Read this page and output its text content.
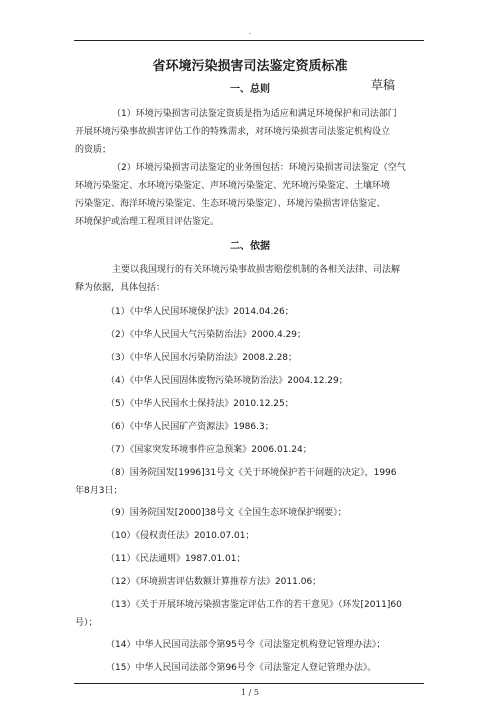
.
省环境污染损害司法鉴定资质标准
草稿
一、总则
（1）环境污染损害司法鉴定资质是指为适应和满足环境保护和司法部门
开展环境污染事故损害评估工作的特殊需求，对环境污染损害司法鉴定机构设立
的资质；
（2）环境污染损害司法鉴定的业务围包括：环境污染损害司法鉴定（空气
环境污染鉴定、水环境污染鉴定、声环境污染鉴定、光环境污染鉴定、土壤环境
污染鉴定、海洋环境污染鉴定、生态环境污染鉴定）、环境污染损害评估鉴定、
环境保护或治理工程项目评估鉴定。
二、依据
主要以我国现行的有关环境污染事故损害赔偿机制的各相关法律、司法解
释为依据，具体包括：
（1）《中华人民国环境保护法》2014.04.26；
（2）《中华人民国大气污染防治法》2000.4.29；
（3）《中华人民国水污染防治法》2008.2.28；
（4）《中华人民国固体废物污染环境防治法》2004.12.29；
（5）《中华人民国水土保持法》2010.12.25；
（6）《中华人民国矿产资源法》1986.3；
（7）《国家突发环境事件应急预案》2006.01.24；
（8）国务院国发[1996]31号文《关于环境保护若干问题的决定》，1996
年8月3日；
（9）国务院国发[2000]38号文《全国生态环境保护纲要》；
（10）《侵权责任法》2010.07.01；
（11）《民法通则》1987.01.01；
（12）《环境损害评估数额计算推荐方法》2011.06；
（13）《关于开展环境污染损害鉴定评估工作的若干意见》（环发[2011]60
号）；
（14）中华人民国司法部令第95号令《司法鉴定机构登记管理办法》；
（15）中华人民国司法部令第96号令《司法鉴定人登记管理办法》。
1 / 5
